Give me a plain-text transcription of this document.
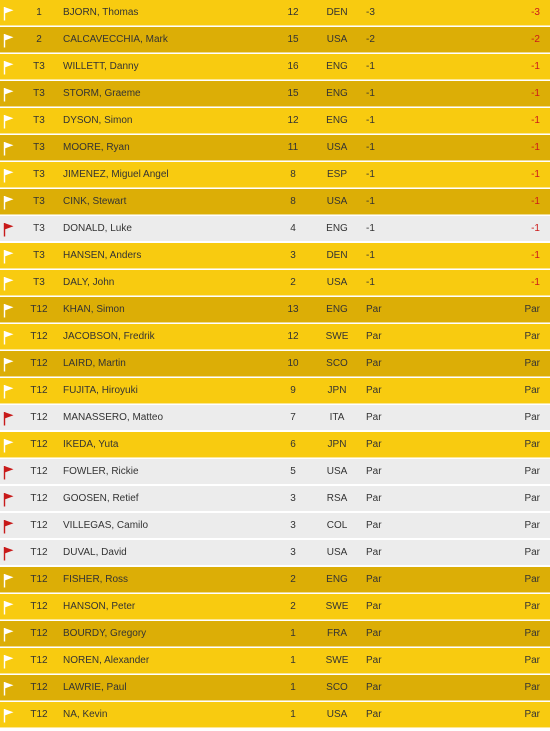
1	BJORN, Thomas	12	DEN	-3	-3
2	CALCAVECCHIA, Mark	15	USA	-2	-2
T3	WILLETT, Danny	16	ENG	-1	-1
T3	STORM, Graeme	15	ENG	-1	-1
T3	DYSON, Simon	12	ENG	-1	-1
T3	MOORE, Ryan	11	USA	-1	-1
T3	JIMENEZ, Miguel Angel	8	ESP	-1	-1
T3	CINK, Stewart	8	USA	-1	-1
T3	DONALD, Luke	4	ENG	-1	-1
T3	HANSEN, Anders	3	DEN	-1	-1
T3	DALY, John	2	USA	-1	-1
T12	KHAN, Simon	13	ENG	Par	Par
T12	JACOBSON, Fredrik	12	SWE	Par	Par
T12	LAIRD, Martin	10	SCO	Par	Par
T12	FUJITA, Hiroyuki	9	JPN	Par	Par
T12	MANASSERO, Matteo	7	ITA	Par	Par
T12	IKEDA, Yuta	6	JPN	Par	Par
T12	FOWLER, Rickie	5	USA	Par	Par
T12	GOOSEN, Retief	3	RSA	Par	Par
T12	VILLEGAS, Camilo	3	COL	Par	Par
T12	DUVAL, David	3	USA	Par	Par
T12	FISHER, Ross	2	ENG	Par	Par
T12	HANSON, Peter	2	SWE	Par	Par
T12	BOURDY, Gregory	1	FRA	Par	Par
T12	NOREN, Alexander	1	SWE	Par	Par
T12	LAWRIE, Paul	1	SCO	Par	Par
T12	NA, Kevin	1	USA	Par	Par
